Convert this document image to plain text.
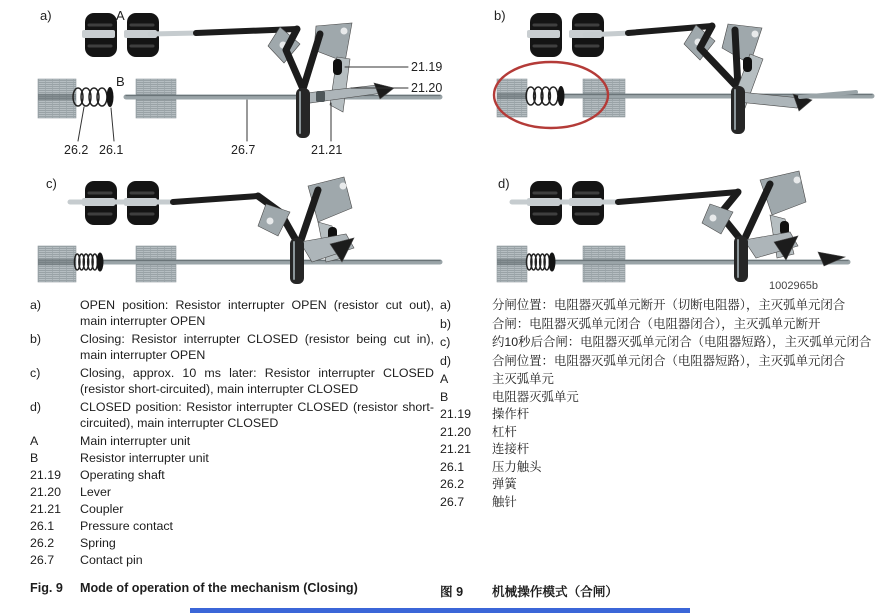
a)	b)
c)	d)
A
B
21.19
21.20
26.2 26.1	26.7	21.21
1002965b
a)	OPEN position: Resistor interrupter OPEN (resistor cut out), main interrupter OPEN
b)	Closing: Resistor interrupter CLOSED (resistor being cut in), main interrupter OPEN
c)	Closing, approx. 10 ms later: Resistor interrupter CLOSED (resistor short-circuited), main interrupter CLOSED
d)	CLOSED position: Resistor interrupter CLOSED (resistor short-circuited), main interrupter CLOSED
A	Main interrupter unit
B	Resistor interrupter unit
21.19	Operating shaft
21.20	Lever
21.21	Coupler
26.1	Pressure contact
26.2	Spring
26.7	Contact pin
a)	分闸位置：电阻器灭弧单元断开（切断电阻器），主灭弧单元闭合
b)	合闸：电阻器灭弧单元闭合（电阻器闭合），主灭弧单元断开
c)	约10秒后合闸：电阻器灭弧单元闭合（电阻器短路），主灭弧单元闭合
d)	合闸位置：电阻器灭弧单元闭合（电阻器短路），主灭弧单元闭合
A	主灭弧单元
B	电阻器灭弧单元
21.19	操作杆
21.20	杠杆
21.21	连接杆
26.1	压力触头
26.2	弹簧
26.7	触针
Fig. 9	Mode of operation of the mechanism (Closing)	图 9	机械操作模式（合闸）
